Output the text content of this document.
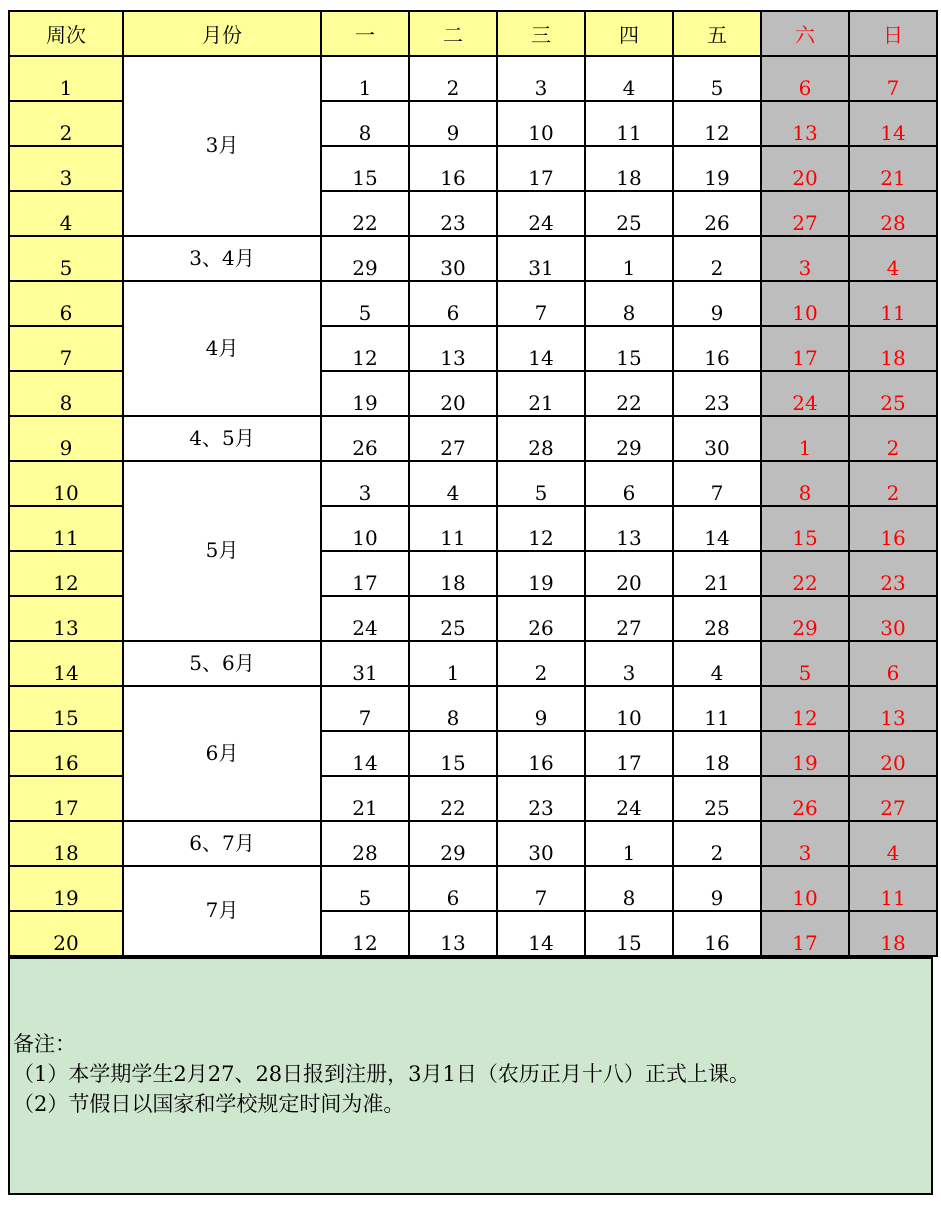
周次	月份	一	二	三	四	五	六	日
1	3月	1	2	3	4	5	6	7
2		8	9	10	11	12	13	14
3		15	16	17	18	19	20	21
4		22	23	24	25	26	27	28
5	3、4月	29	30	31	1	2	3	4
6	4月	5	6	7	8	9	10	11
7		12	13	14	15	16	17	18
8		19	20	21	22	23	24	25
9	4、5月	26	27	28	29	30	1	2
10	5月	3	4	5	6	7	8	2
11		10	11	12	13	14	15	16
12		17	18	19	20	21	22	23
13		24	25	26	27	28	29	30
14	5、6月	31	1	2	3	4	5	6
15	6月	7	8	9	10	11	12	13
16		14	15	16	17	18	19	20
17		21	22	23	24	25	26	27
18	6、7月	28	29	30	1	2	3	4
19	7月	5	6	7	8	9	10	11
20		12	13	14	15	16	17	18
备注：
（1）本学期学生2月27、28日报到注册，3月1日（农历正月十八）正式上课。
（2）节假日以国家和学校规定时间为准。
